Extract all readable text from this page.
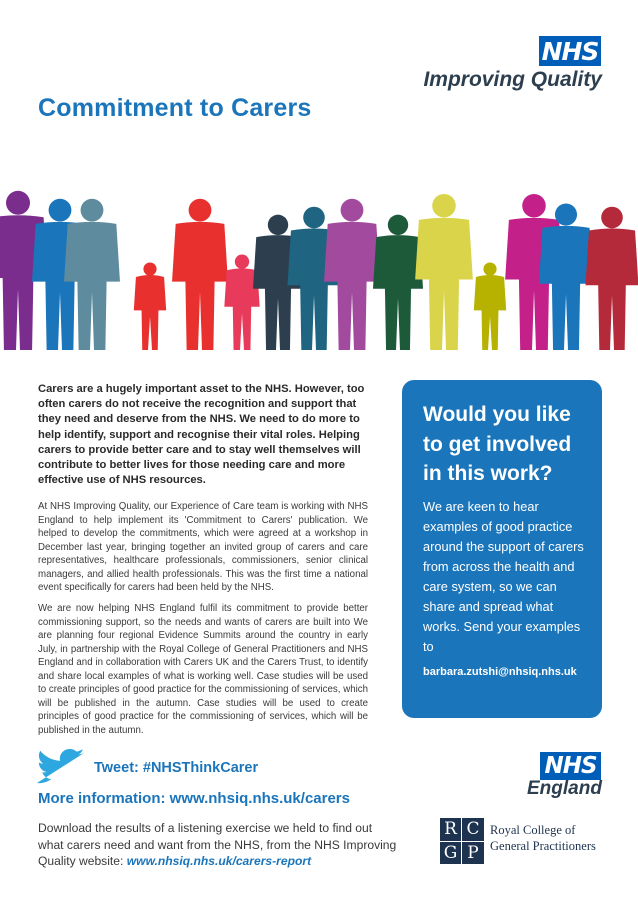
NHS
Improving Quality
Commitment to Carers
Carers are a hugely important asset to the NHS. However, too often carers do not receive the recognition and support that they need and deserve from the NHS. We need to do more to help identify, support and recognise their vital roles. Helping carers to provide better care and to stay well themselves will contribute to better lives for those needing care and more effective use of NHS resources.
At NHS Improving Quality, our Experience of Care team is working with NHS England to help implement its 'Commitment to Carers' publication. We helped to develop the commitments, which were agreed at a workshop in December last year, bringing together an invited group of carers and care representatives, healthcare professionals, commissioners, senior clinical managers, and allied health professionals. This was the first time a national event specifically for carers had been held by the NHS.
We are now helping NHS England fulfil its commitment to provide better commissioning support, so the needs and wants of carers are built into We are planning four regional Evidence Summits around the country in early July, in partnership with the Royal College of General Practitioners and NHS England and in collaboration with Carers UK and the Carers Trust, to identify and share local examples of what is working well. Case studies will be used to create principles of good practice for the commissioning of services, which will be published in the autumn. Case studies will be used to create principles of good practice for the commissioning of services, which will be published in the autumn.
Would you like to get involved in this work?
We are keen to hear examples of good practice around the support of carers from across the health and care system, so we can share and spread what works. Send your examples to
barbara.zutshi@nhsiq.nhs.uk
Tweet: #NHSThinkCarer
More information: www.nhsiq.nhs.uk/carers
Download the results of a listening exercise we held to find out what carers need and want from the NHS, from the NHS Improving Quality website: www.nhsiq.nhs.uk/carers-report
NHS
England
R C
G P
Royal College of
General Practitioners
